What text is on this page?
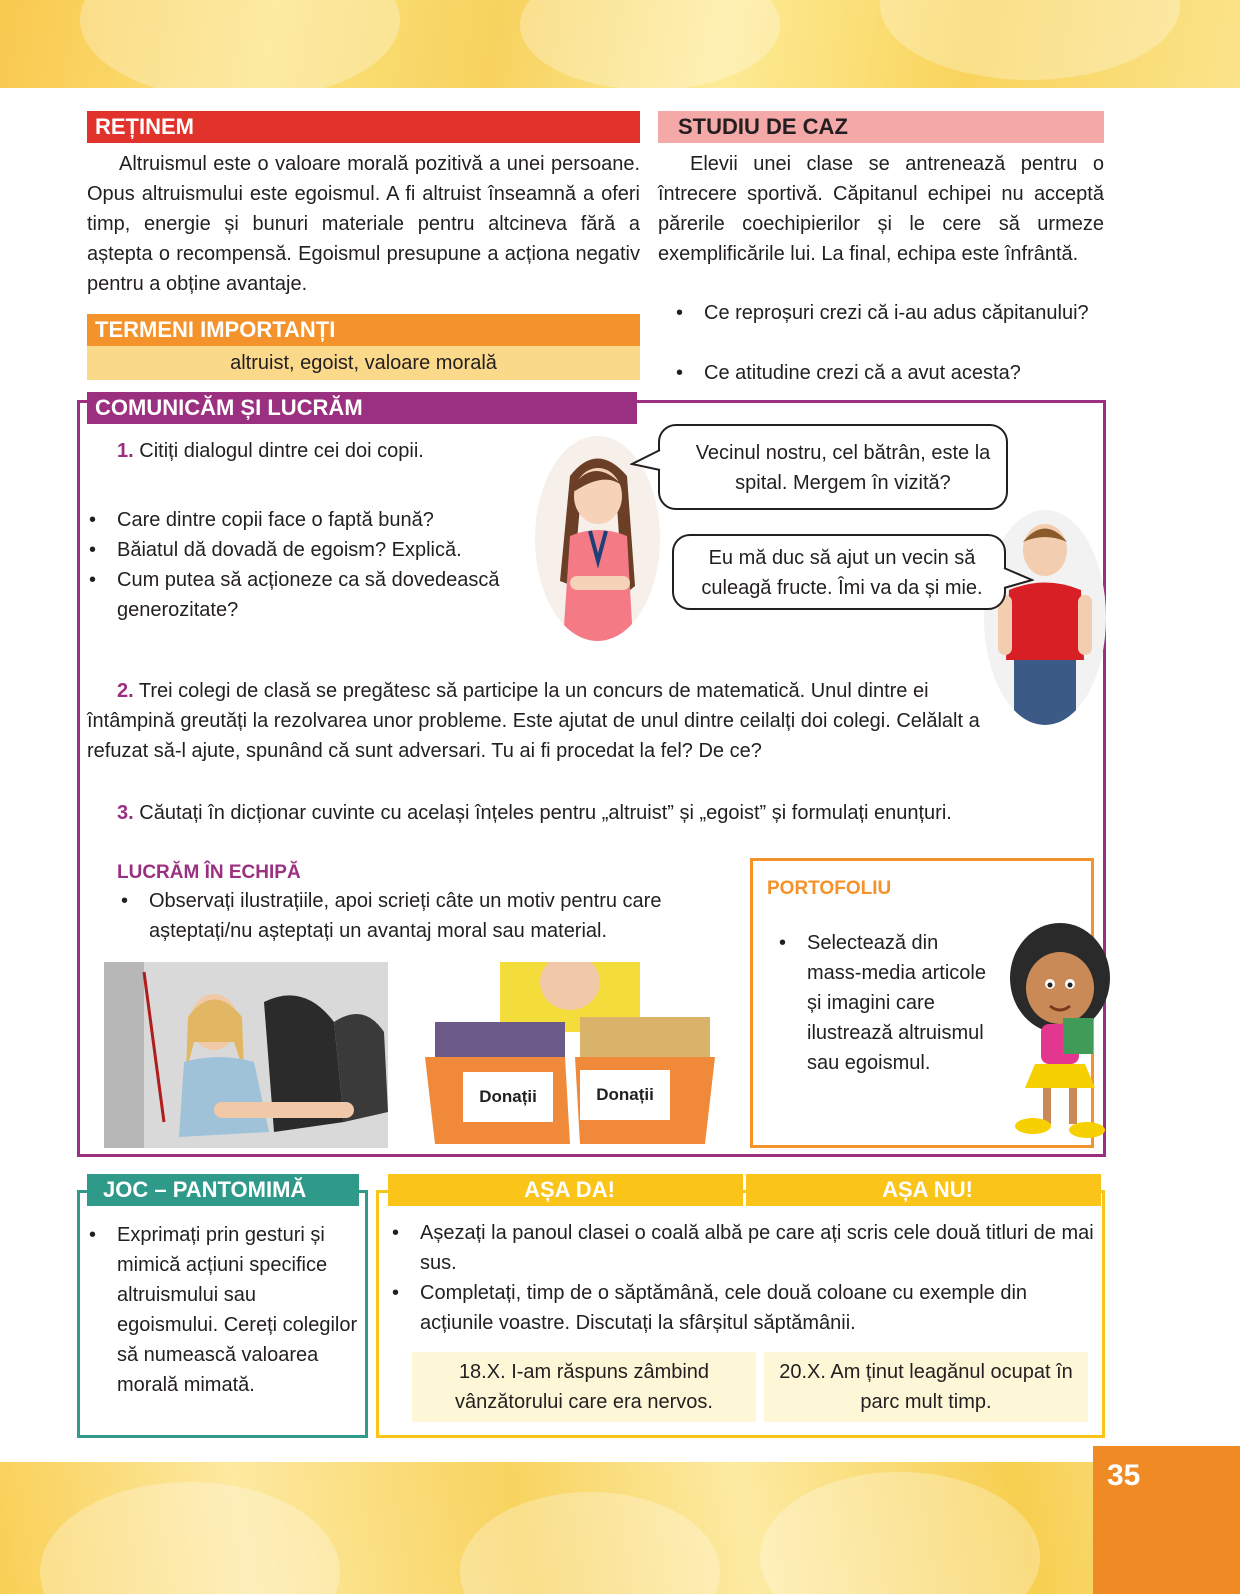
35
REȚINEM
Altruismul este o valoare morală pozitivă a unei persoane. Opus altruismului este egoismul. A fi altruist înseamnă a oferi timp, energie și bunuri materiale pentru altcineva fără a aștepta o recompensă. Egoismul presupune a acționa negativ pentru a obține avantaje.
TERMENI IMPORTANȚI
altruist, egoist, valoare morală
STUDIU DE CAZ
Elevii unei clase se antrenează pentru o întrecere sportivă. Căpitanul echipei nu acceptă părerile coechipierilor și le cere să urmeze exemplificările lui. La final, echipa este înfrântă.
• Ce reproșuri crezi că i-au adus căpitanului?
• Ce atitudine crezi că a avut acesta?
COMUNICĂM ȘI LUCRĂM
1. Citiți dialogul dintre cei doi copii.
• Care dintre copii face o faptă bună?
• Băiatul dă dovadă de egoism? Explică.
• Cum putea să acționeze ca să dovedească generozitate?
Vecinul nostru, cel bătrân, este la spital. Mergem în vizită?
Eu mă duc să ajut un vecin să culeagă fructe. Îmi va da și mie.
2. Trei colegi de clasă se pregătesc să participe la un concurs de matematică. Unul dintre ei întâmpină greutăți la rezolvarea unor probleme. Este ajutat de unul dintre ceilalți doi colegi. Celălalt a refuzat să-l ajute, spunând că sunt adversari. Tu ai fi procedat la fel? De ce?
3. Căutați în dicționar cuvinte cu același înțeles pentru „altruist” și „egoist” și formulați enunțuri.
LUCRĂM ÎN ECHIPĂ
• Observați ilustrațiile, apoi scrieți câte un motiv pentru care așteptați/nu așteptați un avantaj moral sau material.
Donații	Donații
PORTOFOLIU
• Selectează din mass-media articole și imagini care ilustrează altruismul sau egoismul.
JOC – PANTOMIMĂ
• Exprimați prin gesturi și mimică acțiuni specifice altruismului sau egoismului. Cereți colegilor să numească valoarea morală mimată.
AȘA DA!	AȘA NU!
• Așezați la panoul clasei o coală albă pe care ați scris cele două titluri de mai sus.
• Completați, timp de o săptămână, cele două coloane cu exemple din acțiunile voastre. Discutați la sfârșitul săptămânii.
18.X. I-am răspuns zâmbind vânzătorului care era nervos.
20.X. Am ținut leagănul ocupat în parc mult timp.
